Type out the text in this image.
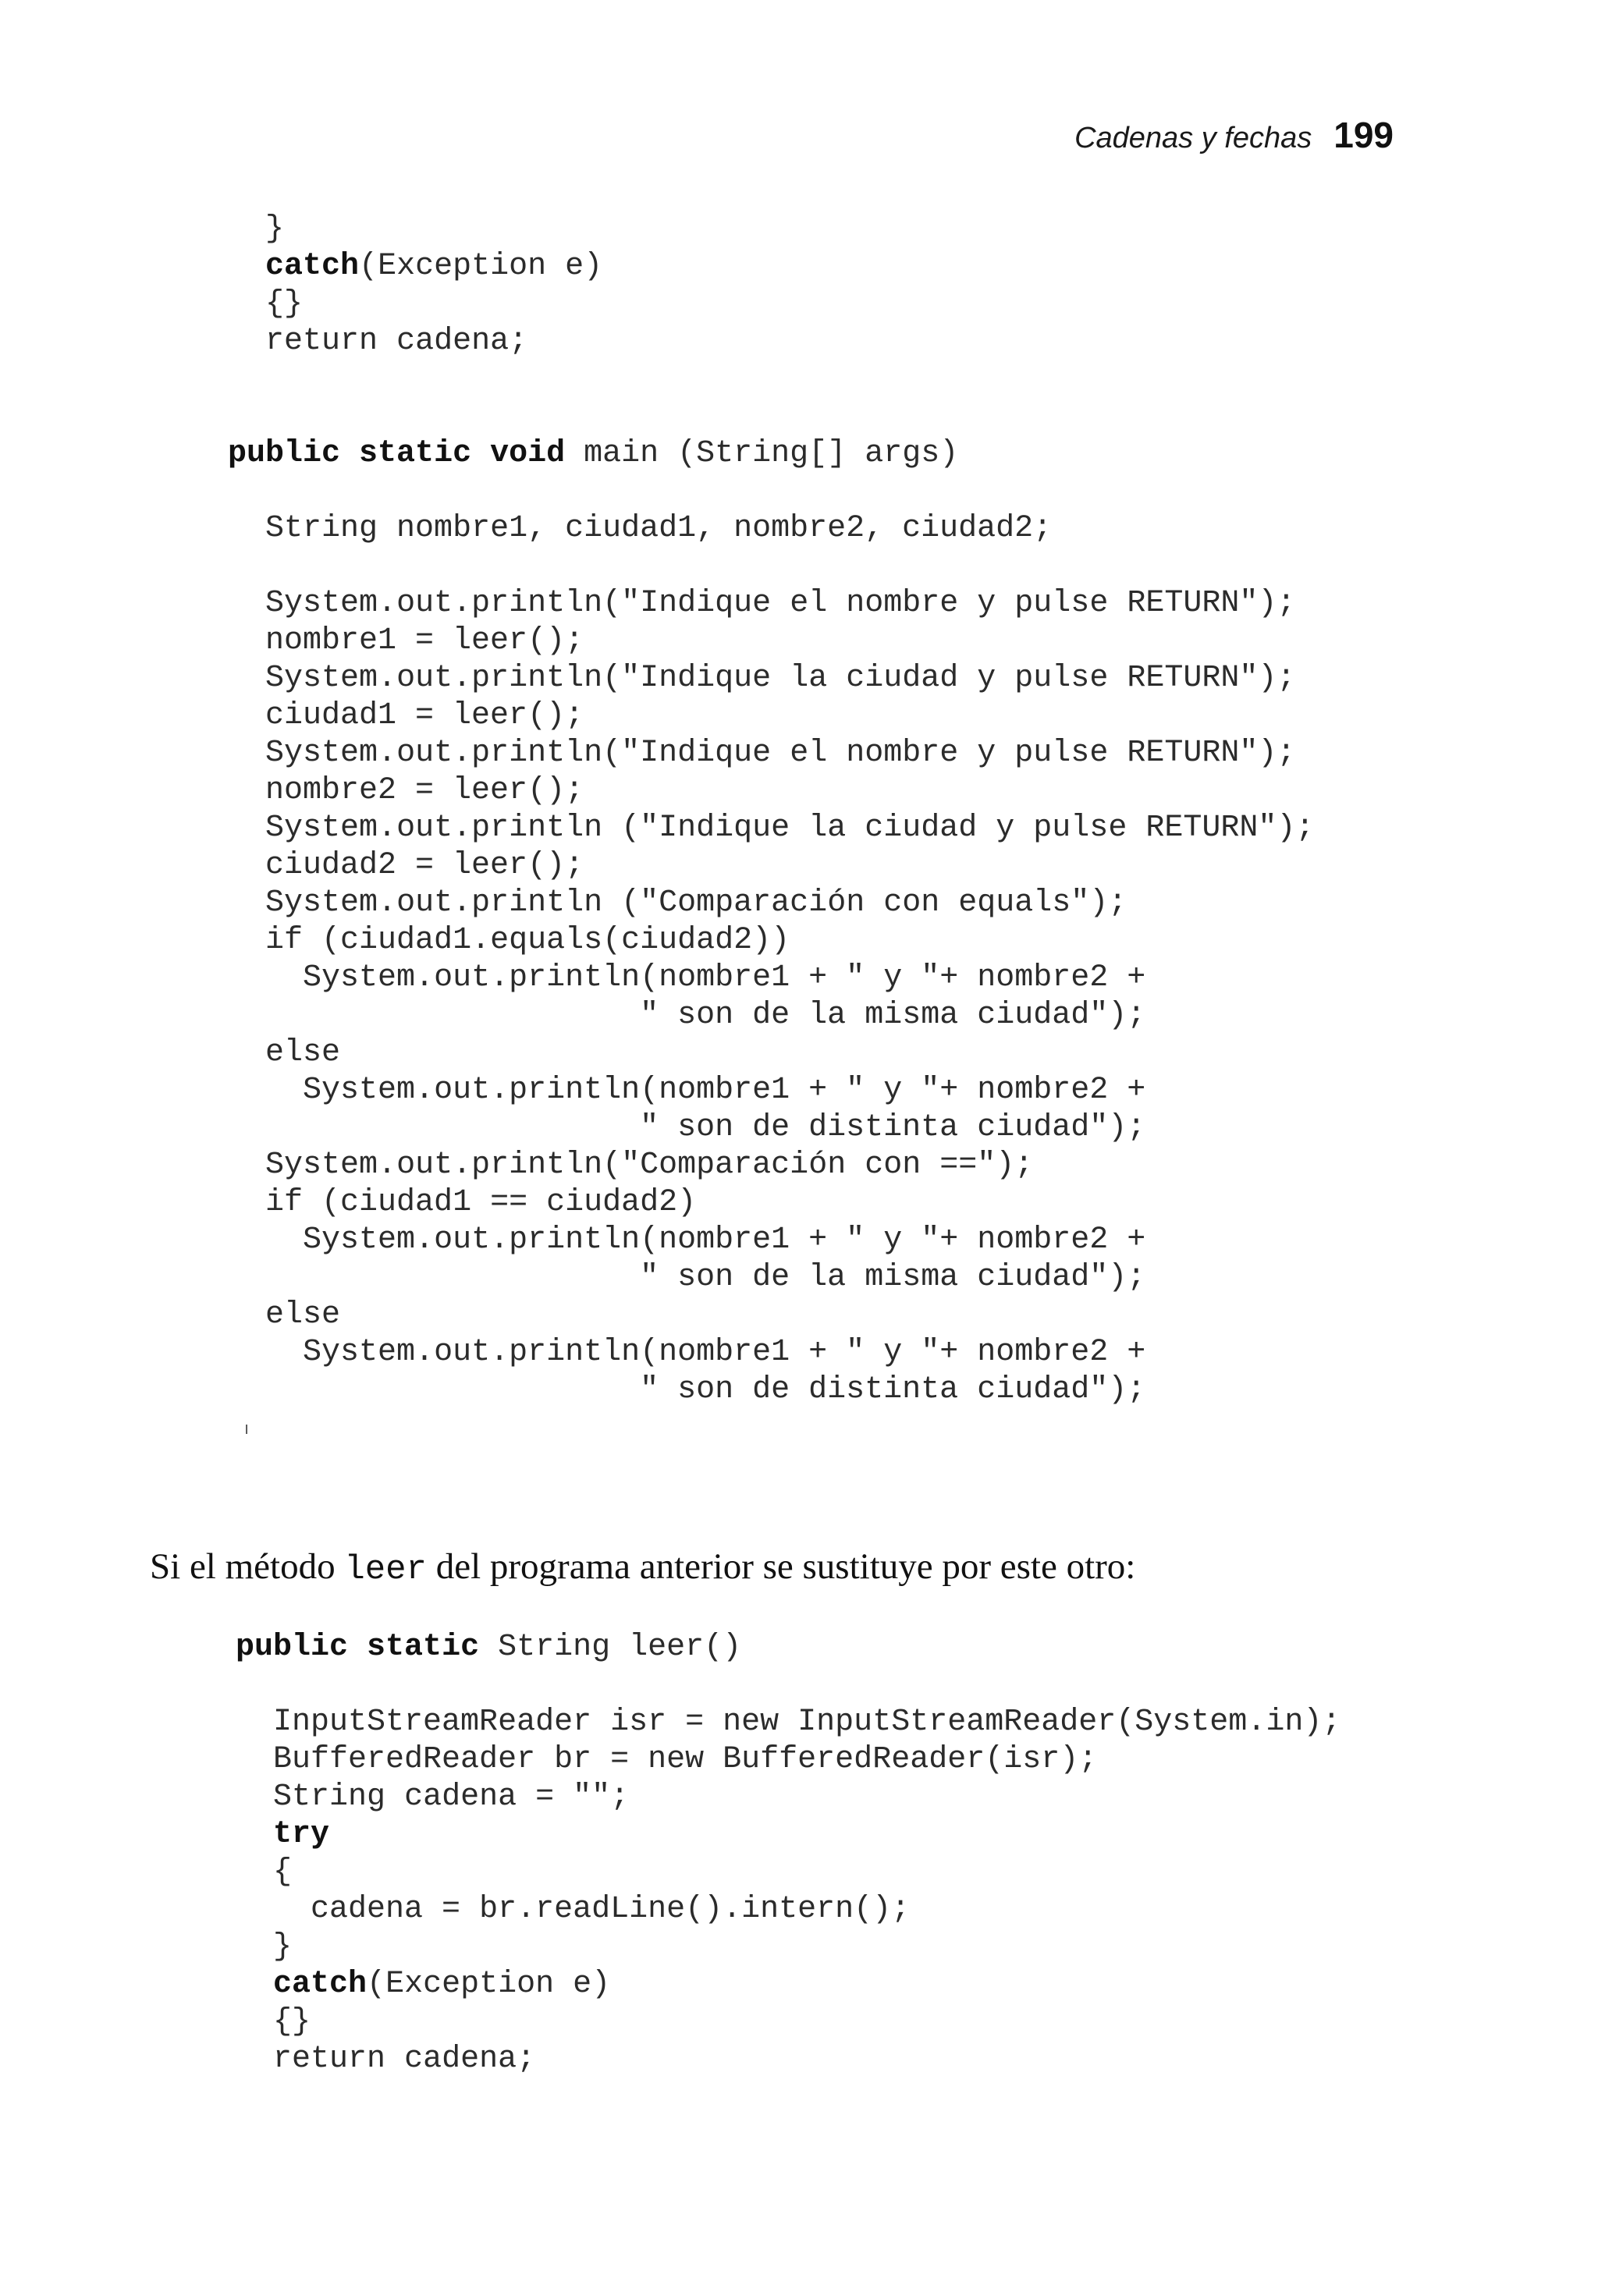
Cadenas y fechas 199
}
catch(Exception e)
{}
return cadena;

public static void main (String[] args)

String nombre1, ciudad1, nombre2, ciudad2;

System.out.println("Indique el nombre y pulse RETURN");
nombre1 = leer();
System.out.println("Indique la ciudad y pulse RETURN");
ciudad1 = leer();
System.out.println("Indique el nombre y pulse RETURN");
nombre2 = leer();
System.out.println ("Indique la ciudad y pulse RETURN");
ciudad2 = leer();
System.out.println ("Comparación con equals");
if (ciudad1.equals(ciudad2))
System.out.println(nombre1 + " y "+ nombre2 +
" son de la misma ciudad");
else
System.out.println(nombre1 + " y "+ nombre2 +
" son de distinta ciudad");
System.out.println("Comparación con ==");
if (ciudad1 == ciudad2)
System.out.println(nombre1 + " y "+ nombre2 +
" son de la misma ciudad");
else
System.out.println(nombre1 + " y "+ nombre2 +
" son de distinta ciudad");

ı

Si el método leer del programa anterior se sustituye por este otro:

public static String leer()

InputStreamReader isr = new InputStreamReader(System.in);
BufferedReader br = new BufferedReader(isr);
String cadena = "";
try
{
cadena = br.readLine().intern();
}
catch(Exception e)
{}
return cadena;
